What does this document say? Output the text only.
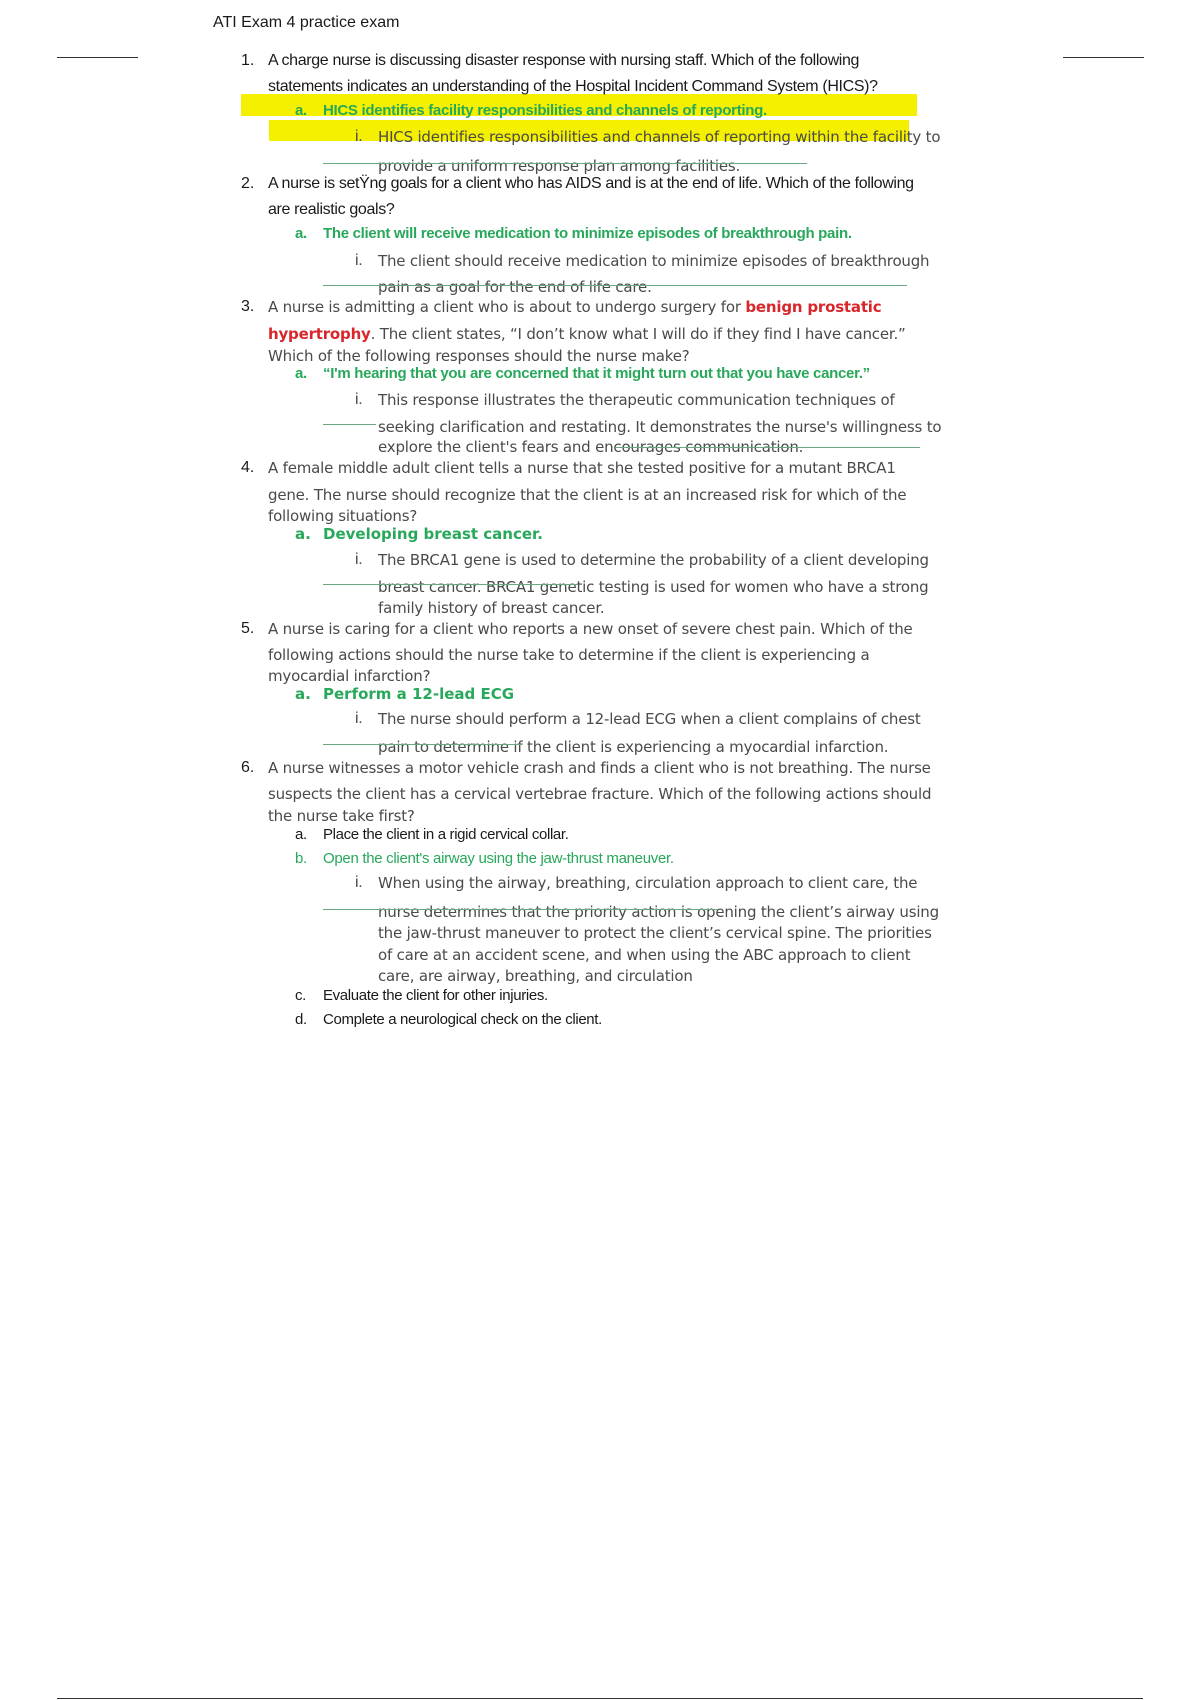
ATI Exam 4 practice exam
1. A charge nurse is discussing disaster response with nursing staff. Which of the following
statements indicates an understanding of the Hospital Incident Command System (HICS)?
a. HICS identifies facility responsibilities and channels of reporting.
i. HICS identifies responsibilities and channels of reporting within the facility to
provide a uniform response plan among facilities.
2. A nurse is setŸng goals for a client who has AIDS and is at the end of life. Which of the following
are realistic goals?
a. The client will receive medication to minimize episodes of breakthrough pain.
i. The client should receive medication to minimize episodes of breakthrough
pain as a goal for the end of life care.
3. A nurse is admitting a client who is about to undergo surgery for benign prostatic
hypertrophy. The client states, “I don’t know what I will do if they find I have cancer.”
Which of the following responses should the nurse make?
a. “I'm hearing that you are concerned that it might turn out that you have cancer.”
i. This response illustrates the therapeutic communication techniques of
seeking clarification and restating. It demonstrates the nurse's willingness to
explore the client's fears and encourages communication.
4. A female middle adult client tells a nurse that she tested positive for a mutant BRCA1
gene. The nurse should recognize that the client is at an increased risk for which of the
following situations?
a. Developing breast cancer.
i. The BRCA1 gene is used to determine the probability of a client developing
breast cancer. BRCA1 genetic testing is used for women who have a strong
family history of breast cancer.
5. A nurse is caring for a client who reports a new onset of severe chest pain. Which of the
following actions should the nurse take to determine if the client is experiencing a
myocardial infarction?
a. Perform a 12-lead ECG
i. The nurse should perform a 12-lead ECG when a client complains of chest
pain to determine if the client is experiencing a myocardial infarction.
6. A nurse witnesses a motor vehicle crash and finds a client who is not breathing. The nurse
suspects the client has a cervical vertebrae fracture. Which of the following actions should
the nurse take first?
a. Place the client in a rigid cervical collar.
b. Open the client's airway using the jaw-thrust maneuver.
i. When using the airway, breathing, circulation approach to client care, the
nurse determines that the priority action is opening the client’s airway using
the jaw-thrust maneuver to protect the client’s cervical spine. The priorities
of care at an accident scene, and when using the ABC approach to client
care, are airway, breathing, and circulation
c. Evaluate the client for other injuries.
d. Complete a neurological check on the client.
